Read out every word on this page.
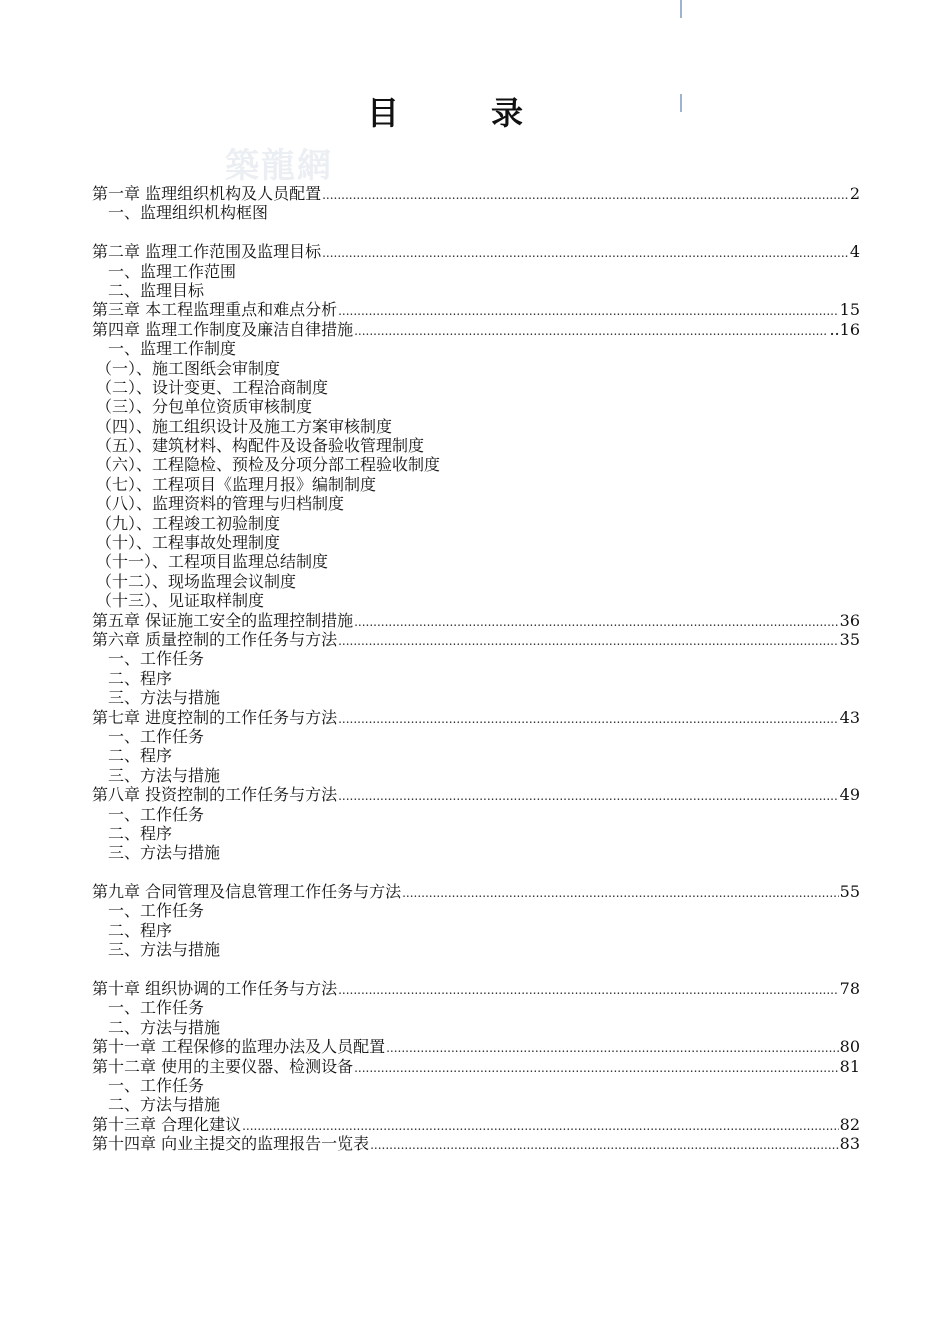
目　录
築龍網
第一章 监理组织机构及人员配置 .....	2
一、监理组织机构框图
第二章 监理工作范围及监理目标 .....	4
一、监理工作范围
二、监理目标
第三章 本工程监理重点和难点分析 .....	15
第四章 监理工作制度及廉洁自律措施 .....	..16
一、监理工作制度
（一）、施工图纸会审制度
（二）、设计变更、工程洽商制度
（三）、分包单位资质审核制度
（四）、施工组织设计及施工方案审核制度
（五）、建筑材料、构配件及设备验收管理制度
（六）、工程隐检、预检及分项分部工程验收制度
（七）、工程项目《监理月报》编制制度
（八）、监理资料的管理与归档制度
（九）、工程竣工初验制度
（十）、工程事故处理制度
（十一）、工程项目监理总结制度
（十二）、现场监理会议制度
（十三）、见证取样制度
第五章 保证施工安全的监理控制措施 .....	36
第六章 质量控制的工作任务与方法 .....	35
一、工作任务
二、程序
三、方法与措施
第七章 进度控制的工作任务与方法 .....	43
一、工作任务
二、程序
三、方法与措施
第八章 投资控制的工作任务与方法 .....	49
一、工作任务
二、程序
三、方法与措施
第九章 合同管理及信息管理工作任务与方法 .....	55
一、工作任务
二、程序
三、方法与措施
第十章 组织协调的工作任务与方法 .....	78
一、工作任务
二、方法与措施
第十一章 工程保修的监理办法及人员配置 .....	80
第十二章 使用的主要仪器、检测设备 .....	81
一、工作任务
二、方法与措施
第十三章 合理化建议 .....	82
第十四章 向业主提交的监理报告一览表 .....	83
